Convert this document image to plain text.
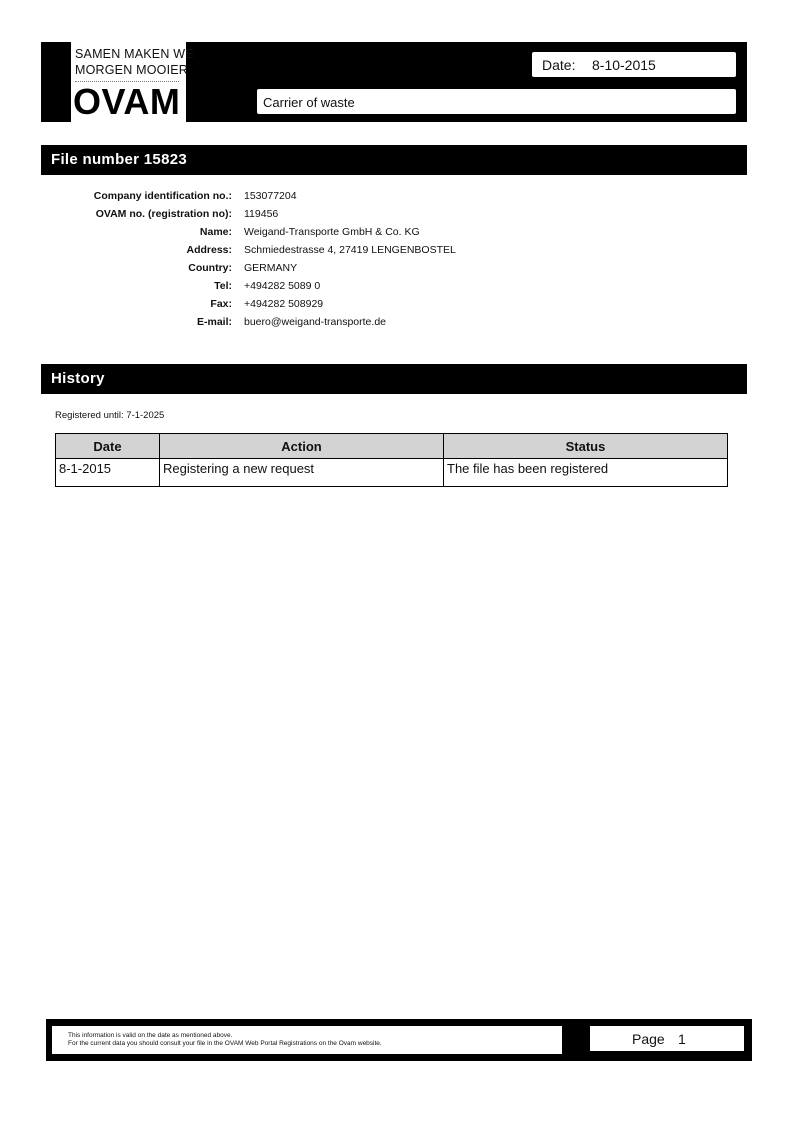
SAMEN MAKEN WE
MORGEN MOOIER
OVAM
Date: 8-10-2015
Carrier of waste
File number 15823
Company identification no.: 153077204
OVAM no. (registration no): 119456
Name: Weigand-Transporte GmbH & Co. KG
Address: Schmiedestrasse 4, 27419 LENGENBOSTEL
Country: GERMANY
Tel: +494282 5089 0
Fax: +494282 508929
E-mail: buero@weigand-transporte.de
History
Registered until: 7-1-2025
Date	Action	Status
8-1-2015	Registering a new request	The file has been registered
This information is valid on the date as mentioned above.
For the current data you should consult your file in the OVAM Web Portal Registrations on the Ovam website.	Page 1
